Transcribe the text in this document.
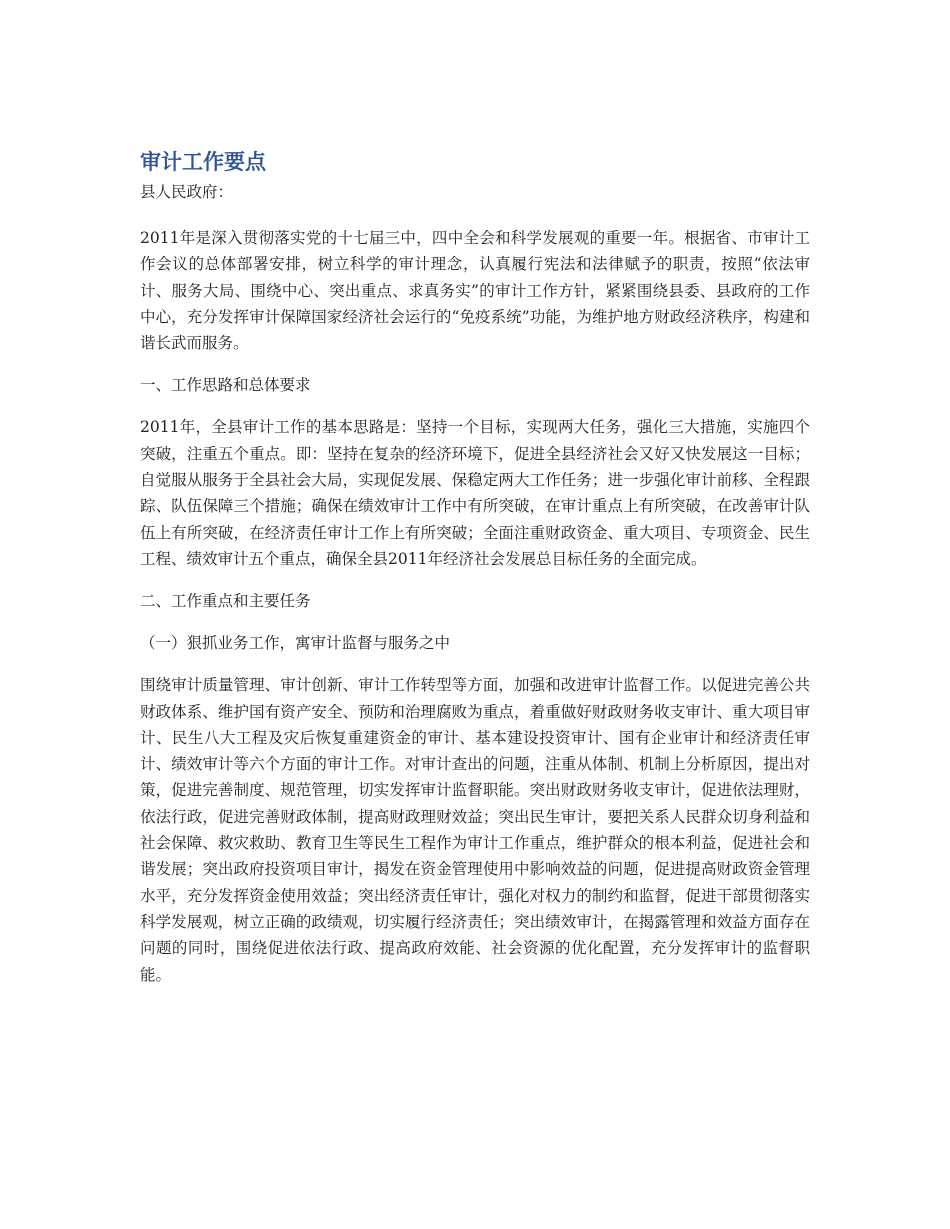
审计工作要点
县人民政府：

2011年是深入贯彻落实党的十七届三中，四中全会和科学发展观的重要一年。根据省、市审计工作会议的总体部署安排，树立科学的审计理念，认真履行宪法和法律赋予的职责，按照“依法审计、服务大局、围绕中心、突出重点、求真务实”的审计工作方针，紧紧围绕县委、县政府的工作中心，充分发挥审计保障国家经济社会运行的“免疫系统”功能，为维护地方财政经济秩序，构建和谐长武而服务。

一、工作思路和总体要求

2011年，全县审计工作的基本思路是：坚持一个目标，实现两大任务，强化三大措施，实施四个突破，注重五个重点。即：坚持在复杂的经济环境下，促进全县经济社会又好又快发展这一目标；自觉服从服务于全县社会大局，实现促发展、保稳定两大工作任务；进一步强化审计前移、全程跟踪、队伍保障三个措施；确保在绩效审计工作中有所突破，在审计重点上有所突破，在改善审计队伍上有所突破，在经济责任审计工作上有所突破；全面注重财政资金、重大项目、专项资金、民生工程、绩效审计五个重点，确保全县2011年经济社会发展总目标任务的全面完成。

二、工作重点和主要任务
（一）狠抓业务工作，寓审计监督与服务之中

围绕审计质量管理、审计创新、审计工作转型等方面，加强和改进审计监督工作。以促进完善公共财政体系、维护国有资产安全、预防和治理腐败为重点，着重做好财政财务收支审计、重大项目审计、民生八大工程及灾后恢复重建资金的审计、基本建设投资审计、国有企业审计和经济责任审计、绩效审计等六个方面的审计工作。对审计查出的问题，注重从体制、机制上分析原因，提出对策，促进完善制度、规范管理，切实发挥审计监督职能。突出财政财务收支审计，促进依法理财，依法行政，促进完善财政体制，提高财政理财效益；突出民生审计，要把关系人民群众切身利益和社会保障、救灾救助、教育卫生等民生工程作为审计工作重点，维护群众的根本利益，促进社会和谐发展；突出政府投资项目审计，揭发在资金管理使用中影响效益的问题，促进提高财政资金管理水平，充分发挥资金使用效益；突出经济责任审计，强化对权力的制约和监督，促进干部贯彻落实科学发展观，树立正确的政绩观，切实履行经济责任；突出绩效审计，在揭露管理和效益方面存在问题的同时，围绕促进依法行政、提高政府效能、社会资源的优化配置，充分发挥审计的监督职能。
